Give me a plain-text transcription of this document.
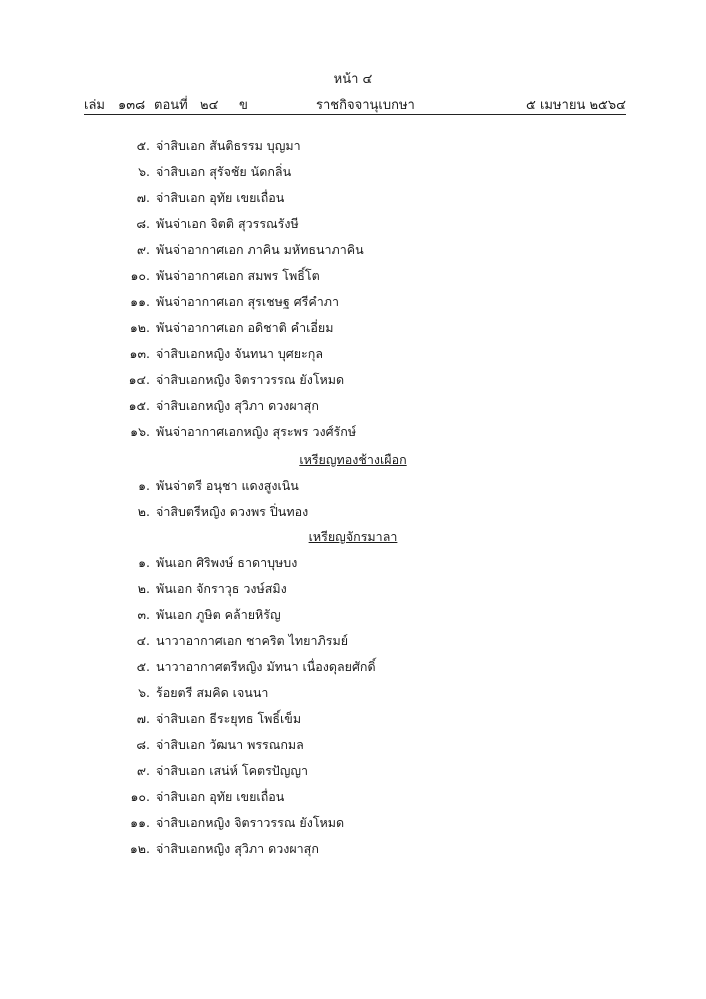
หน้า ๔
เล่ม ๑๓๘ ตอนที่ ๒๔ ข	ราชกิจจานุเบกษา	๕ เมษายน ๒๕๖๔
๕. จ่าสิบเอก สันติธรรม บุญมา
๖. จ่าสิบเอก สุรัจชัย นัดกลิ่น
๗. จ่าสิบเอก อุทัย เขยเถื่อน
๘. พันจ่าเอก จิตติ สุวรรณรังษี
๙. พันจ่าอากาศเอก ภาคิน มหัทธนาภาคิน
๑๐. พันจ่าอากาศเอก สมพร โพธิ์โต
๑๑. พันจ่าอากาศเอก สุรเชษฐ ศรีคำภา
๑๒. พันจ่าอากาศเอก อดิชาติ คำเอี่ยม
๑๓. จ่าสิบเอกหญิง จันทนา บุศยะกุล
๑๔. จ่าสิบเอกหญิง จิตราวรรณ ยังโหมด
๑๕. จ่าสิบเอกหญิง สุวิภา ดวงผาสุก
๑๖. พันจ่าอากาศเอกหญิง สุระพร วงศ์รักษ์
เหรียญทองช้างเผือก
๑. พันจ่าตรี อนุชา แดงสูงเนิน
๒. จ่าสิบตรีหญิง ดวงพร ปิ่นทอง
เหรียญจักรมาลา
๑. พันเอก ศิริพงษ์ ธาดาบุษบง
๒. พันเอก จักราวุธ วงษ์สมิง
๓. พันเอก ภูษิต คล้ายหิรัญ
๔. นาวาอากาศเอก ชาคริต ไทยาภิรมย์
๕. นาวาอากาศตรีหญิง มัทนา เนื่องดุลยศักดิ์
๖. ร้อยตรี สมคิด เจนนา
๗. จ่าสิบเอก ธีระยุทธ โพธิ์เข็ม
๘. จ่าสิบเอก วัฒนา พรรณกมล
๙. จ่าสิบเอก เสน่ห์ โคตรปัญญา
๑๐. จ่าสิบเอก อุทัย เขยเถื่อน
๑๑. จ่าสิบเอกหญิง จิตราวรรณ ยังโหมด
๑๒. จ่าสิบเอกหญิง สุวิภา ดวงผาสุก
